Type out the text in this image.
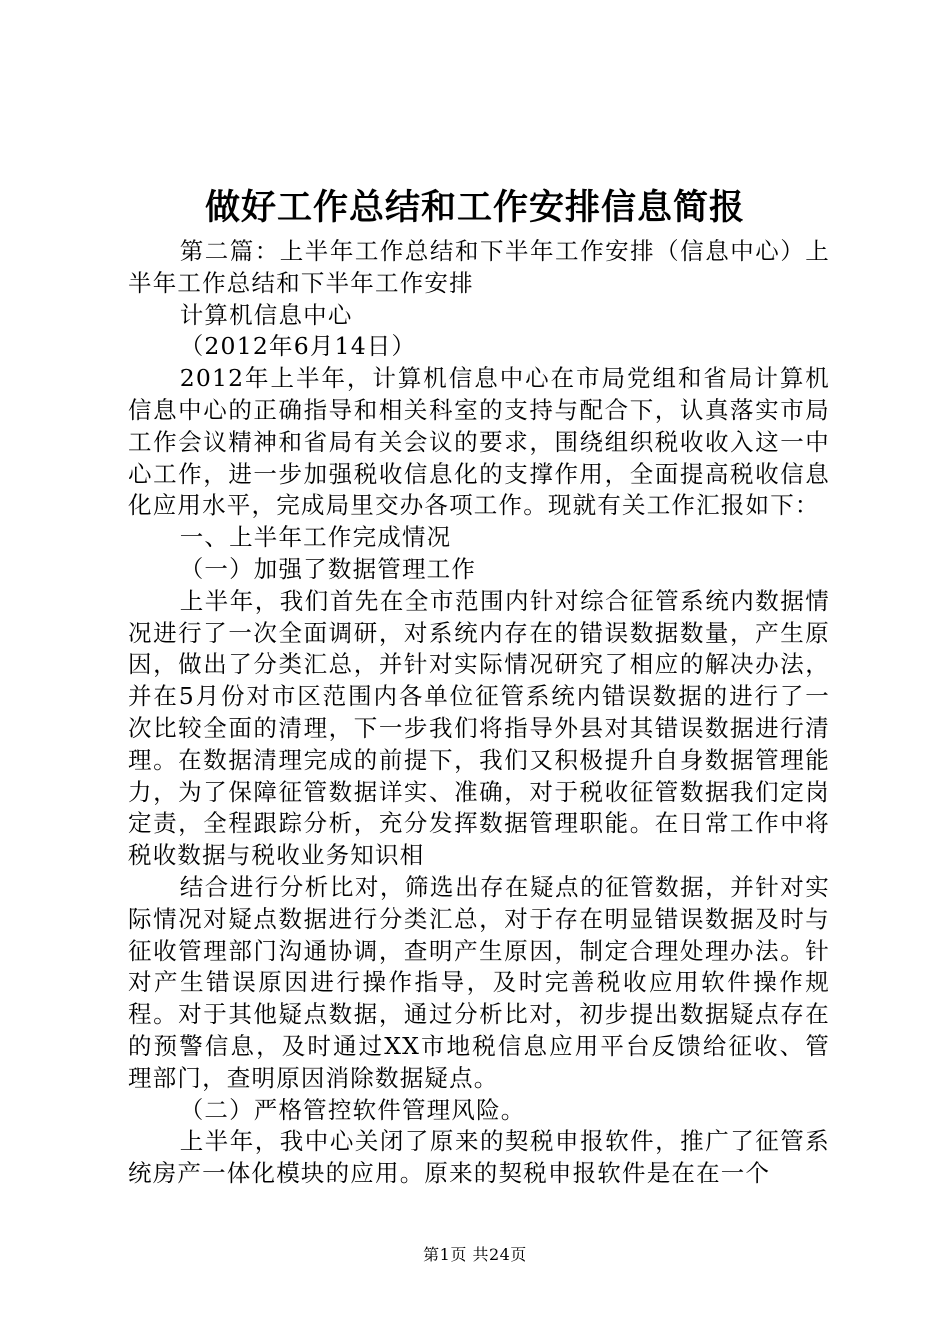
做好工作总结和工作安排信息简报

第二篇：上半年工作总结和下半年工作安排（信息中心）上半年工作总结和下半年工作安排

计算机信息中心

（2012年6月14日）

2012年上半年，计算机信息中心在市局党组和省局计算机信息中心的正确指导和相关科室的支持与配合下，认真落实市局工作会议精神和省局有关会议的要求，围绕组织税收收入这一中心工作，进一步加强税收信息化的支撑作用，全面提高税收信息化应用水平，完成局里交办各项工作。现就有关工作汇报如下：

一、上半年工作完成情况

（一）加强了数据管理工作

上半年，我们首先在全市范围内针对综合征管系统内数据情况进行了一次全面调研，对系统内存在的错误数据数量，产生原因，做出了分类汇总，并针对实际情况研究了相应的解决办法，并在5月份对市区范围内各单位征管系统内错误数据的进行了一次比较全面的清理，下一步我们将指导外县对其错误数据进行清理。在数据清理完成的前提下，我们又积极提升自身数据管理能力，为了保障征管数据详实、准确，对于税收征管数据我们定岗定责，全程跟踪分析，充分发挥数据管理职能。在日常工作中将税收数据与税收业务知识相

结合进行分析比对，筛选出存在疑点的征管数据，并针对实际情况对疑点数据进行分类汇总，对于存在明显错误数据及时与征收管理部门沟通协调，查明产生原因，制定合理处理办法。针对产生错误原因进行操作指导，及时完善税收应用软件操作规程。对于其他疑点数据，通过分析比对，初步提出数据疑点存在的预警信息，及时通过XX市地税信息应用平台反馈给征收、管理部门，查明原因消除数据疑点。

（二）严格管控软件管理风险。

上半年，我中心关闭了原来的契税申报软件，推广了征管系统房产一体化模块的应用。原来的契税申报软件是在在一个

第1页 共24页
